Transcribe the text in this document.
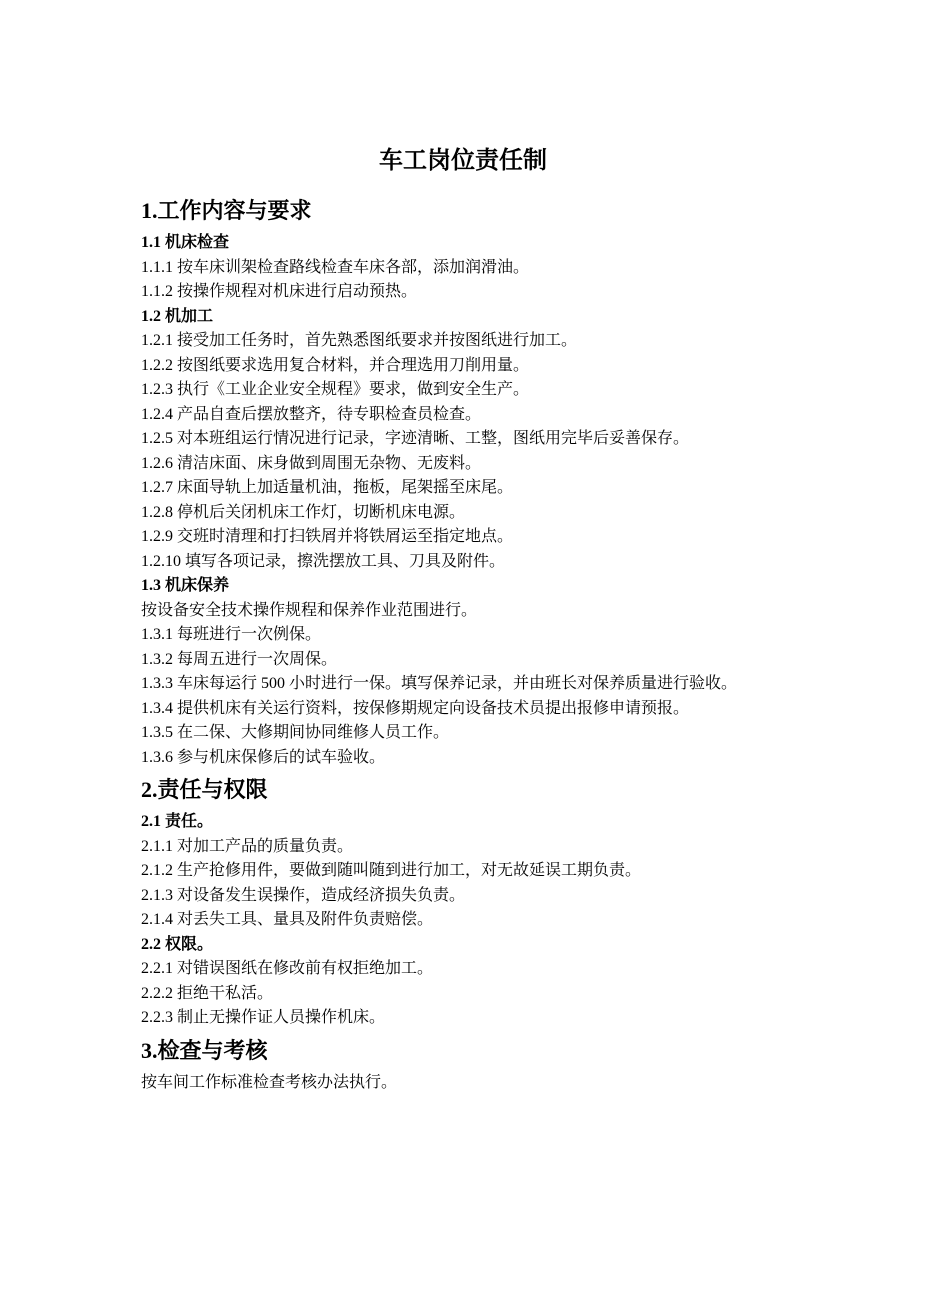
车工岗位责任制
1.工作内容与要求
1.1 机床检查
1.1.1 按车床训架检查路线检查车床各部，添加润滑油。
1.1.2 按操作规程对机床进行启动预热。
1.2 机加工
1.2.1 接受加工任务时，首先熟悉图纸要求并按图纸进行加工。
1.2.2 按图纸要求选用复合材料，并合理选用刀削用量。
1.2.3 执行《工业企业安全规程》要求，做到安全生产。
1.2.4 产品自查后摆放整齐，待专职检查员检查。
1.2.5 对本班组运行情况进行记录，字迹清晰、工整，图纸用完毕后妥善保存。
1.2.6 清洁床面、床身做到周围无杂物、无废料。
1.2.7 床面导轨上加适量机油，拖板，尾架摇至床尾。
1.2.8 停机后关闭机床工作灯，切断机床电源。
1.2.9 交班时清理和打扫铁屑并将铁屑运至指定地点。
1.2.10 填写各项记录，擦洗摆放工具、刀具及附件。
1.3 机床保养
按设备安全技术操作规程和保养作业范围进行。
1.3.1 每班进行一次例保。
1.3.2 每周五进行一次周保。
1.3.3 车床每运行 500 小时进行一保。填写保养记录，并由班长对保养质量进行验收。
1.3.4 提供机床有关运行资料，按保修期规定向设备技术员提出报修申请预报。
1.3.5 在二保、大修期间协同维修人员工作。
1.3.6 参与机床保修后的试车验收。
2.责任与权限
2.1 责任。
2.1.1 对加工产品的质量负责。
2.1.2 生产抢修用件，要做到随叫随到进行加工，对无故延误工期负责。
2.1.3 对设备发生误操作，造成经济损失负责。
2.1.4 对丢失工具、量具及附件负责赔偿。
2.2 权限。
2.2.1 对错误图纸在修改前有权拒绝加工。
2.2.2 拒绝干私活。
2.2.3 制止无操作证人员操作机床。
3.检查与考核
按车间工作标准检查考核办法执行。
